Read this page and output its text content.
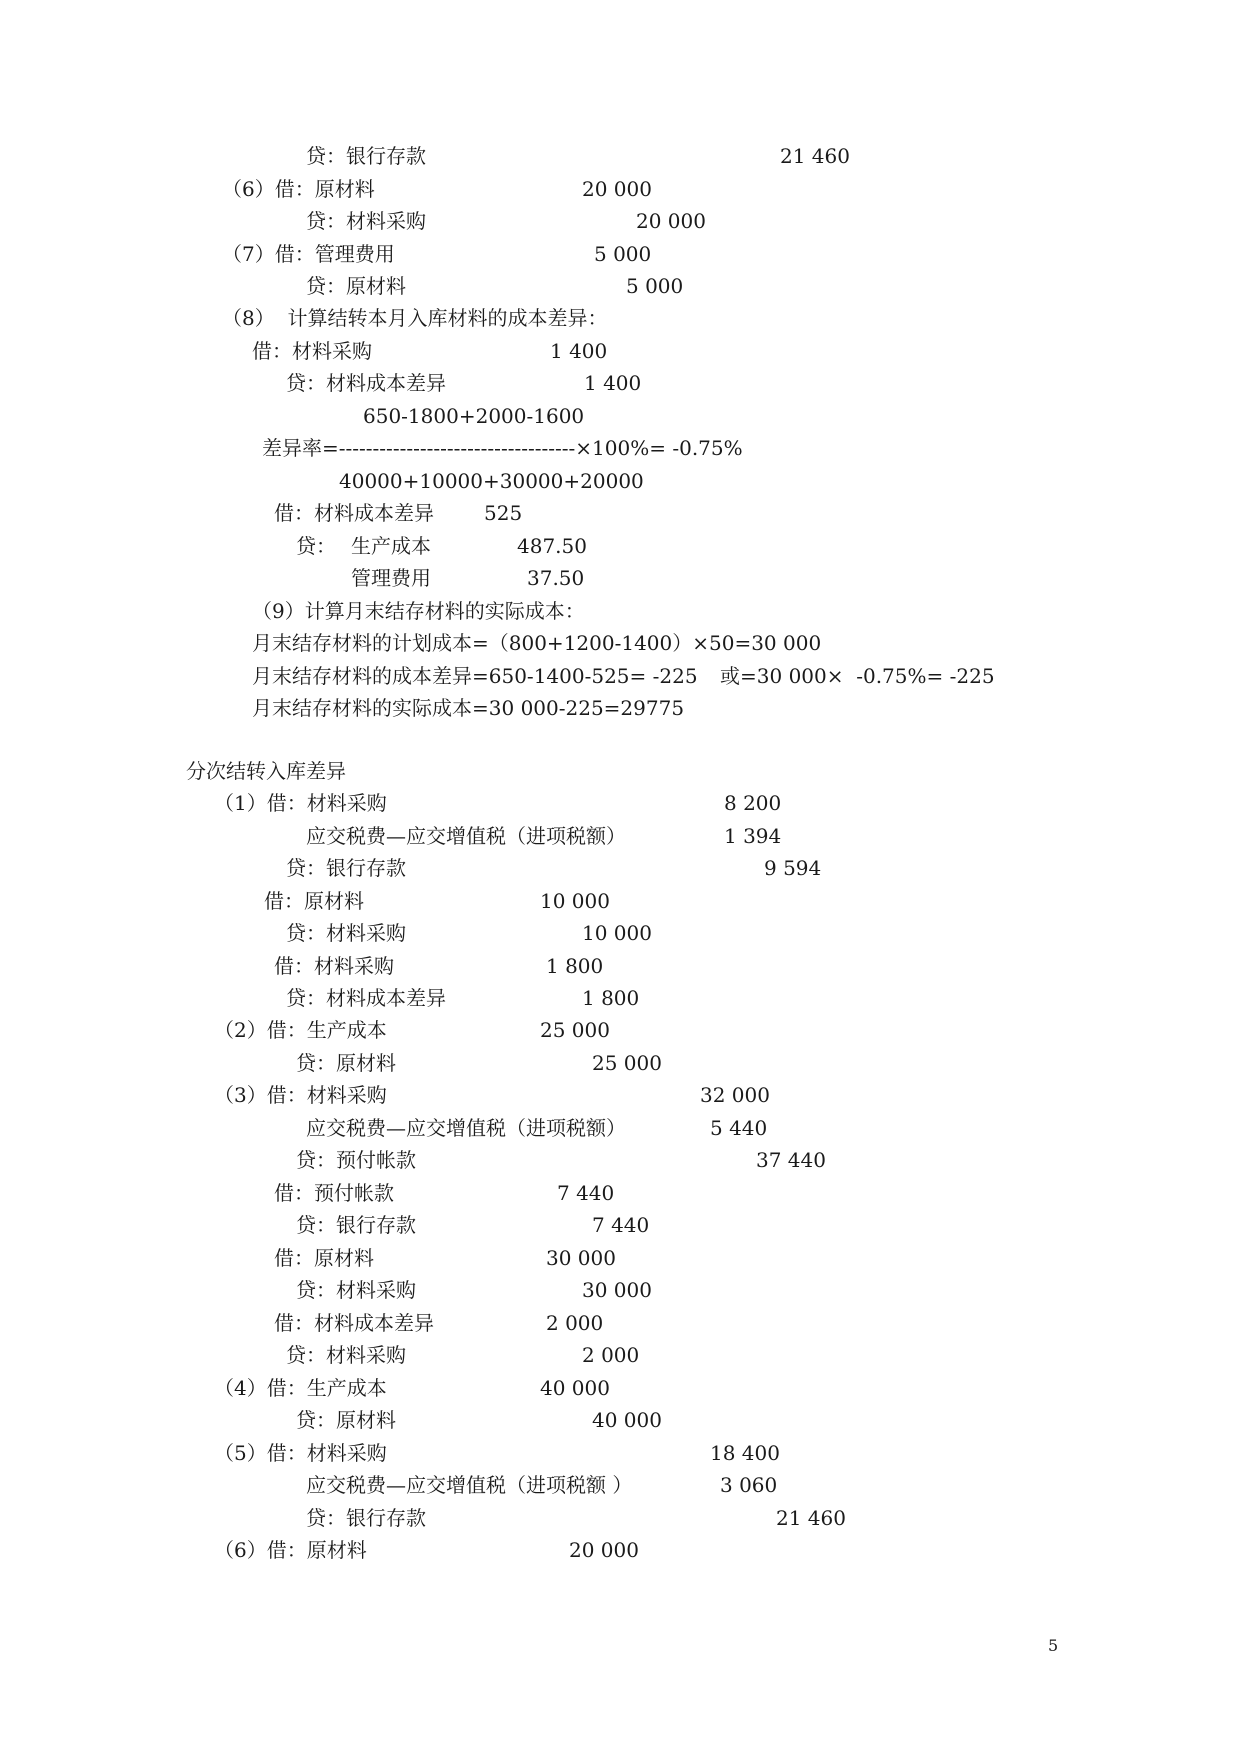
贷：银行存款	21 460
（6）借：原材料	20 000
贷：材料采购	20 000
（7）借：管理费用	5 000
贷：原材料	5 000
（8）  计算结转本月入库材料的成本差异：
借：材料采购	1 400
贷：材料成本差异	1 400
650-1800+2000-1600
差异率=-----------------------------------×100%= -0.75%
40000+10000+30000+20000
借：材料成本差异	525
贷： 生产成本	487.50
管理费用	37.50
（9）计算月末结存材料的实际成本：
月末结存材料的计划成本=（800+1200-1400）×50=30 000
月末结存材料的成本差异=650-1400-525= -225 或=30 000×  -0.75%= -225
月末结存材料的实际成本=30 000-225=29775
分次结转入库差异
（1）借：材料采购	8 200
应交税费—应交增值税（进项税额）	1 394
贷：银行存款	9 594
借：原材料	10 000
贷：材料采购	10 000
借：材料采购	1 800
贷：材料成本差异	1 800
（2）借：生产成本	25 000
贷：原材料	25 000
（3）借：材料采购	32 000
应交税费—应交增值税（进项税额）	5 440
贷：预付帐款	37 440
借：预付帐款	7 440
贷：银行存款	7 440
借：原材料	30 000
贷：材料采购	30 000
借：材料成本差异	2 000
贷：材料采购	2 000
（4）借：生产成本	40 000
贷：原材料	40 000
（5）借：材料采购	18 400
应交税费—应交增值税（进项税额 ）	3 060
贷：银行存款	21 460
（6）借：原材料	20 000
5
